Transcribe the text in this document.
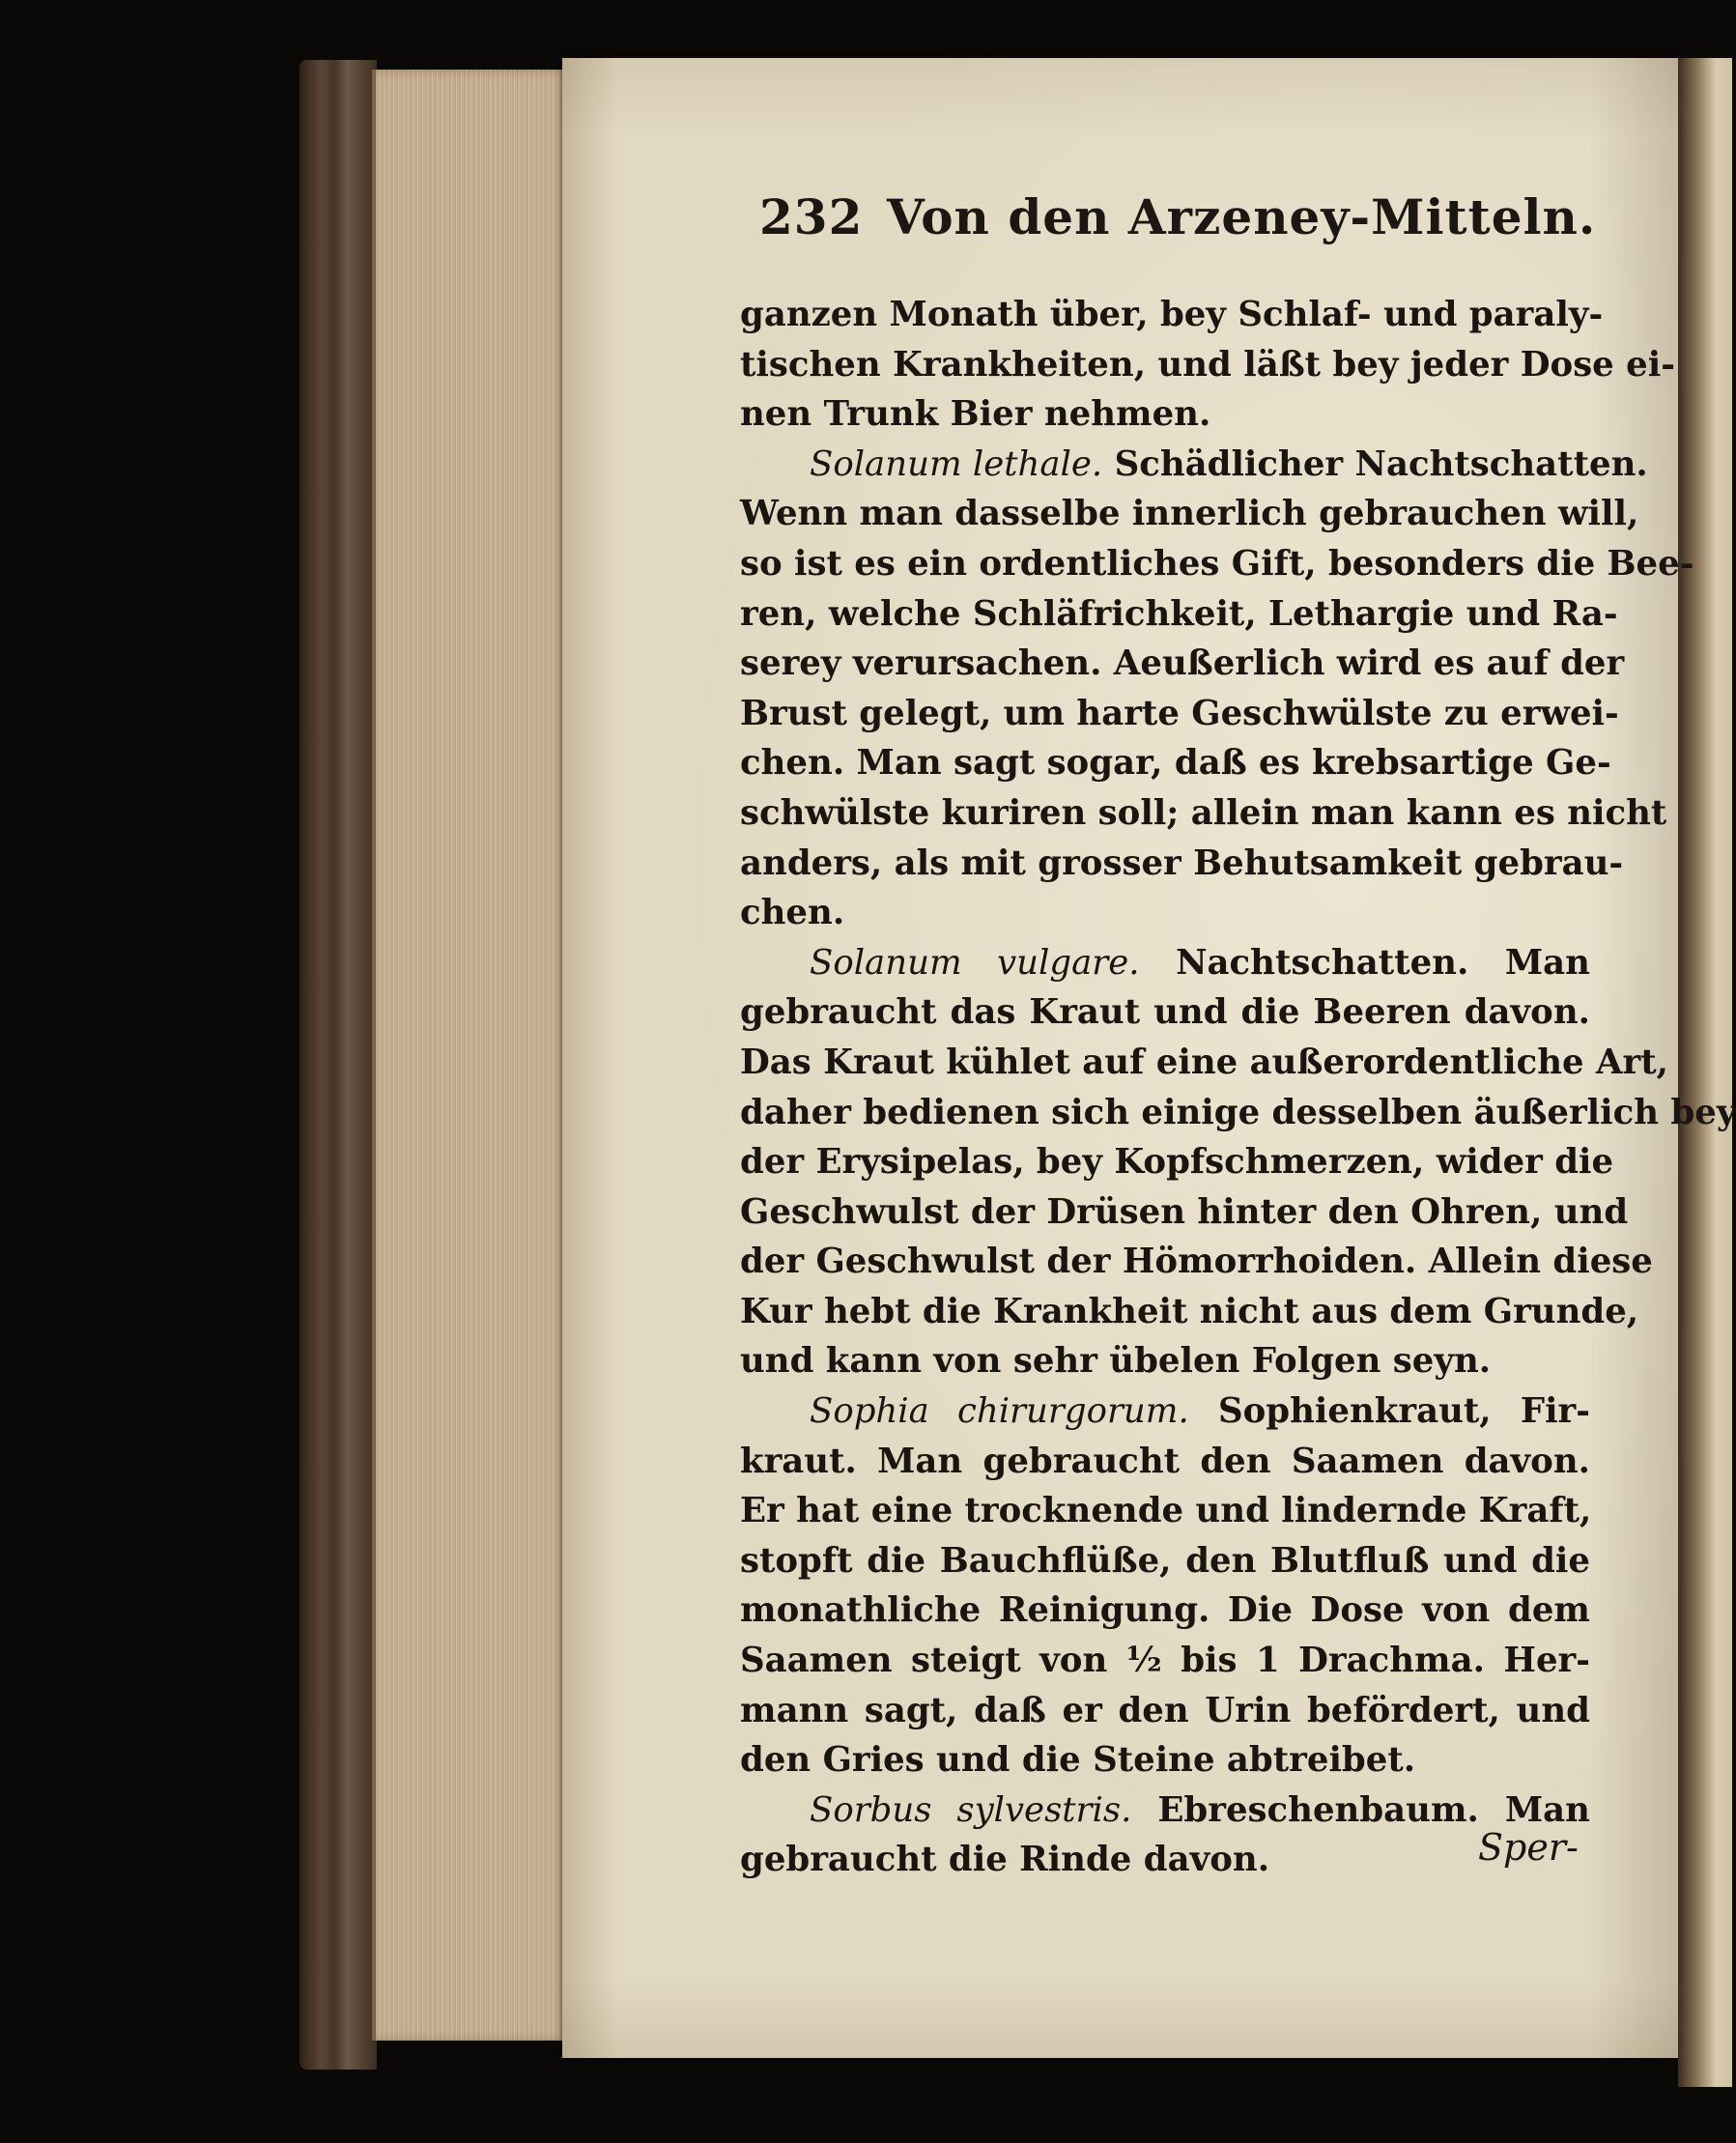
232 Von den Arzeney-Mitteln.
ganzen Monath über, bey Schlaf- und paraly-
tischen Krankheiten, und läßt bey jeder Dose ei-
nen Trunk Bier nehmen.
Solanum lethale. Schädlicher Nachtschatten.
Wenn man dasselbe innerlich gebrauchen will,
so ist es ein ordentliches Gift, besonders die Bee-
ren, welche Schläfrichkeit, Lethargie und Ra-
serey verursachen. Aeußerlich wird es auf der
Brust gelegt, um harte Geschwülste zu erwei-
chen. Man sagt sogar, daß es krebsartige Ge-
schwülste kuriren soll; allein man kann es nicht
anders, als mit grosser Behutsamkeit gebrau-
chen.
Solanum vulgare. Nachtschatten. Man
gebraucht das Kraut und die Beeren davon.
Das Kraut kühlet auf eine außerordentliche Art,
daher bedienen sich einige desselben äußerlich bey
der Erysipelas, bey Kopfschmerzen, wider die
Geschwulst der Drüsen hinter den Ohren, und
der Geschwulst der Hömorrhoiden. Allein diese
Kur hebt die Krankheit nicht aus dem Grunde,
und kann von sehr übelen Folgen seyn.
Sophia chirurgorum. Sophienkraut, Fir-
kraut. Man gebraucht den Saamen davon.
Er hat eine trocknende und lindernde Kraft,
stopft die Bauchflüße, den Blutfluß und die
monathliche Reinigung. Die Dose von dem
Saamen steigt von ½ bis 1 Drachma. Her-
mann sagt, daß er den Urin befördert, und
den Gries und die Steine abtreibet.
Sorbus sylvestris. Ebreschenbaum. Man
gebraucht die Rinde davon.	Sper-
